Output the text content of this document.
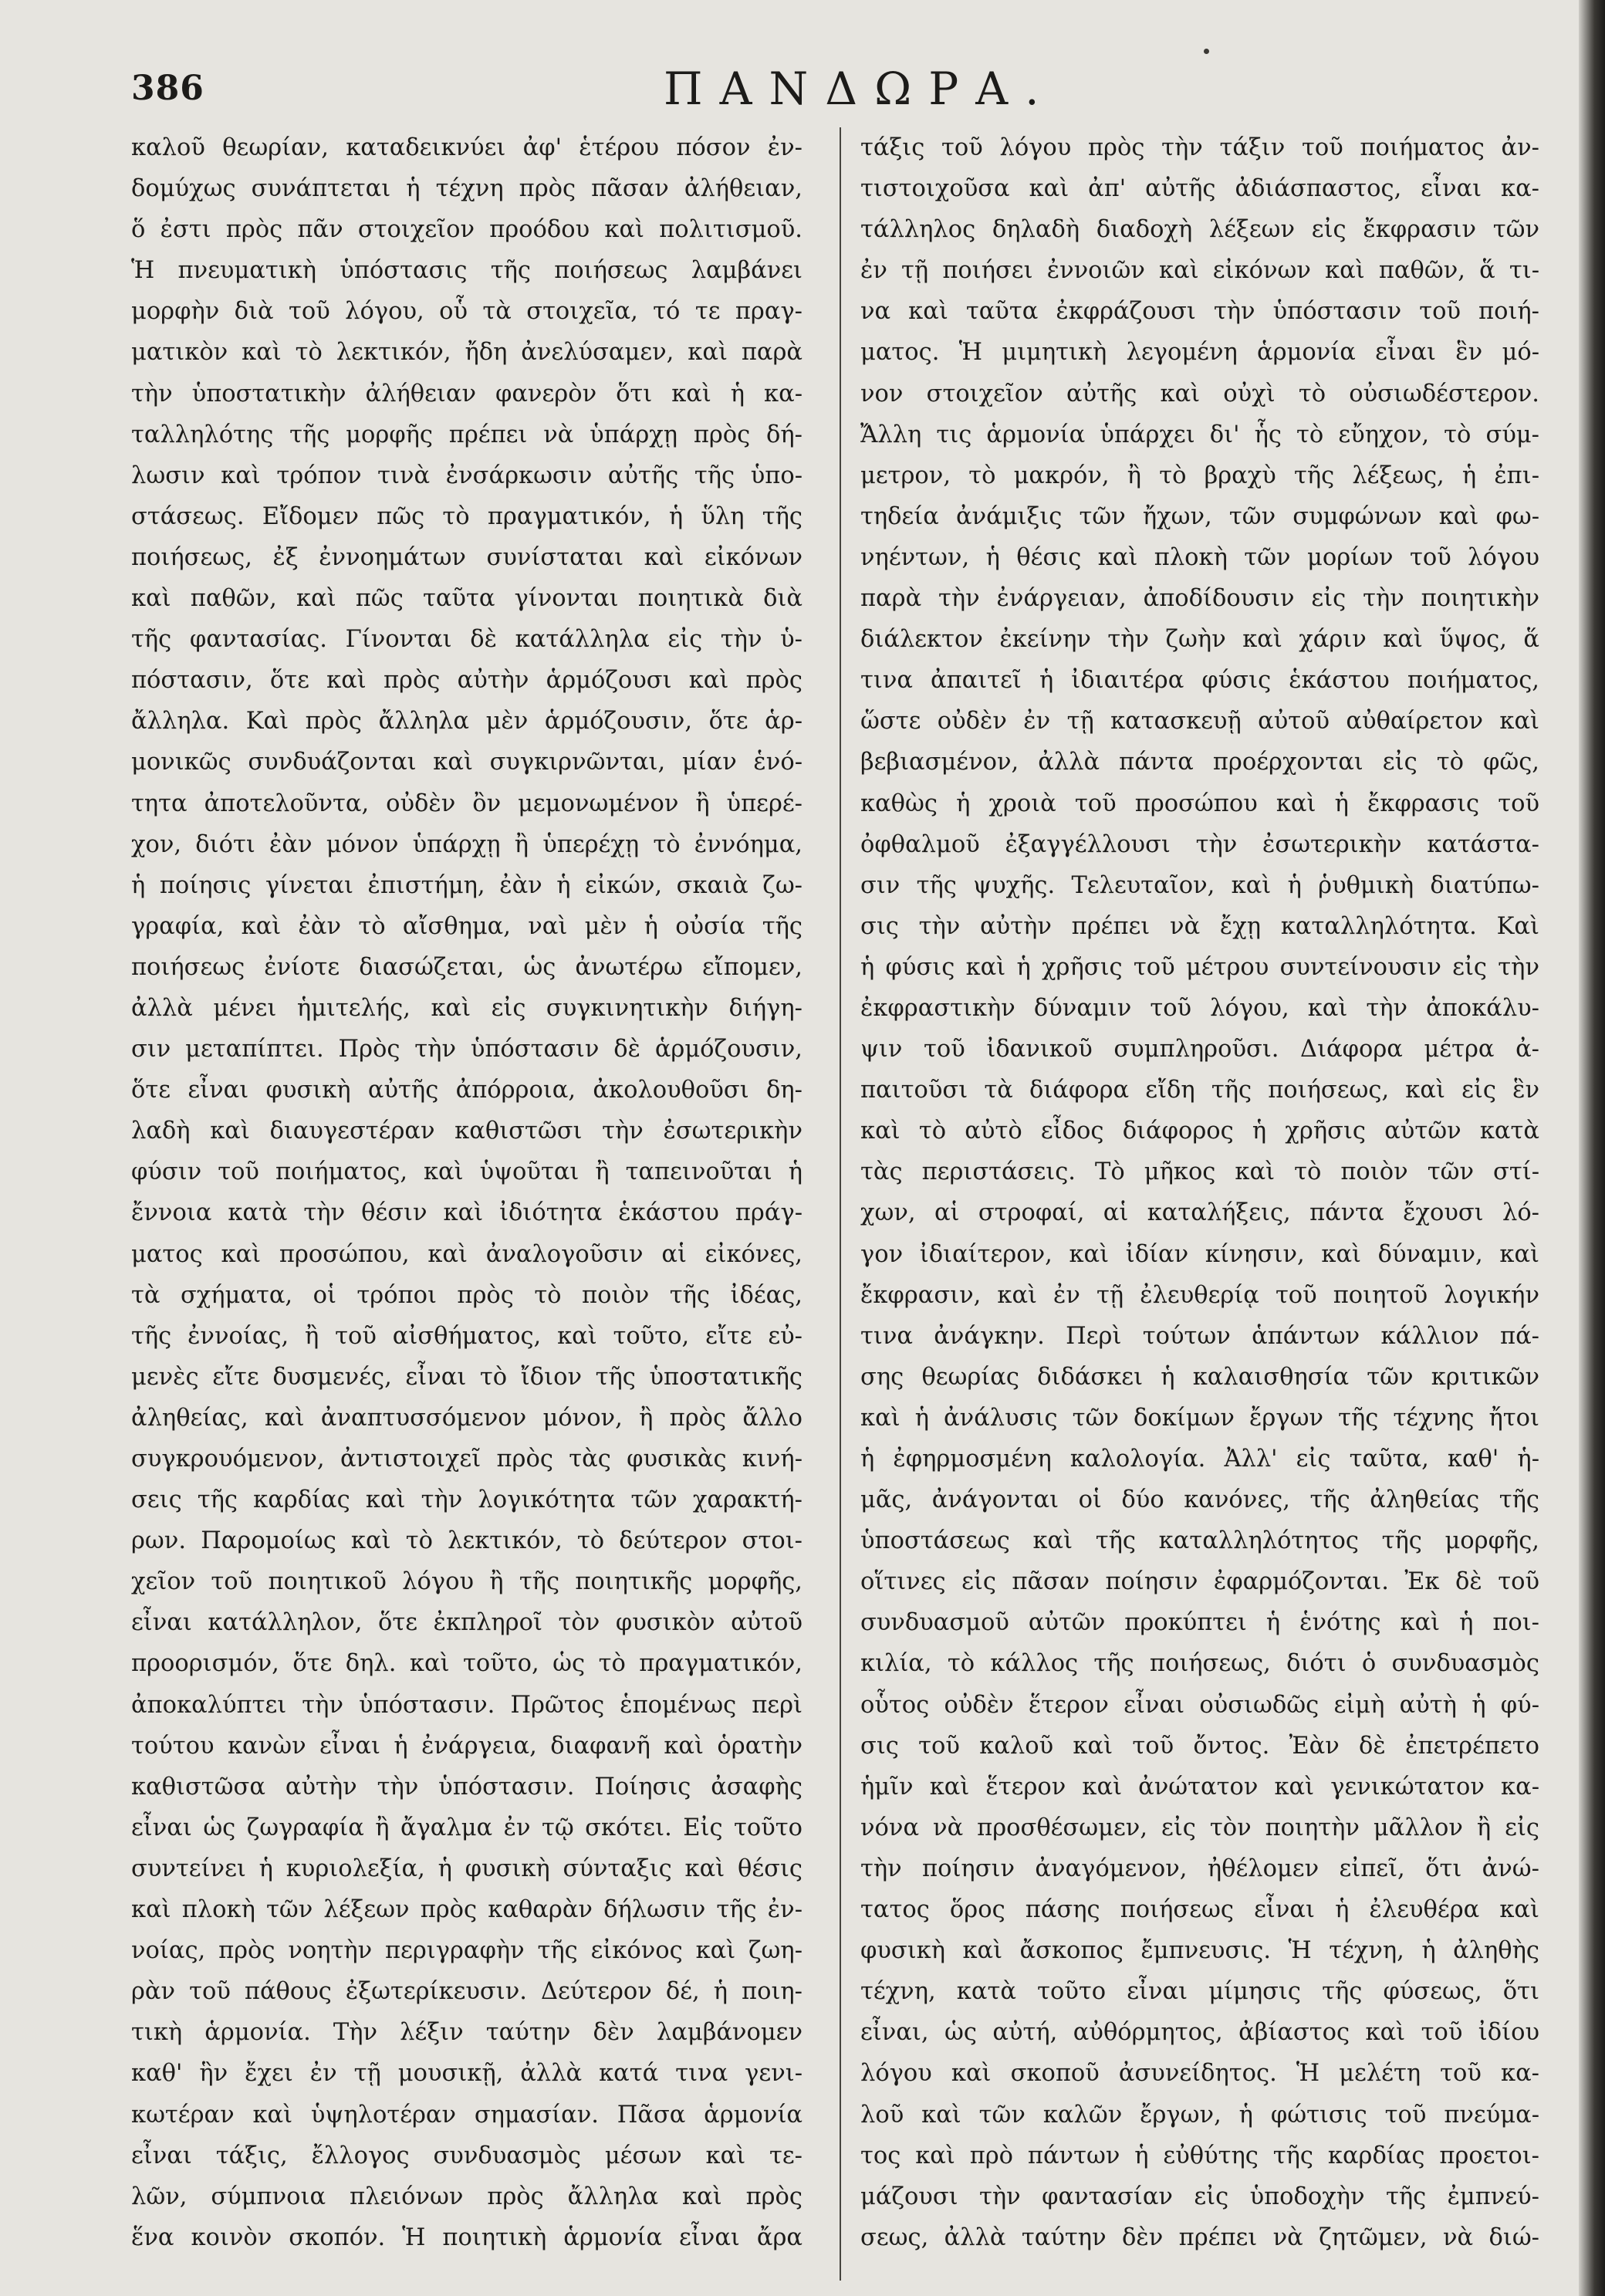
386	ΠΑΝΔΩΡΑ.
καλοῦ θεωρίαν, καταδεικνύει ἀφ' ἑτέρου πόσον ἐν-
δομύχως συνάπτεται ἡ τέχνη πρὸς πᾶσαν ἀλήθειαν,
ὅ ἐστι πρὸς πᾶν στοιχεῖον προόδου καὶ πολιτισμοῦ.
Ἡ πνευματικὴ ὑπόστασις τῆς ποιήσεως λαμβάνει
μορφὴν διὰ τοῦ λόγου, οὗ τὰ στοιχεῖα, τό τε πραγ-
ματικὸν καὶ τὸ λεκτικόν, ἤδη ἀνελύσαμεν, καὶ παρὰ
τὴν ὑποστατικὴν ἀλήθειαν φανερὸν ὅτι καὶ ἡ κα-
ταλληλότης τῆς μορφῆς πρέπει νὰ ὑπάρχῃ πρὸς δή-
λωσιν καὶ τρόπον τινὰ ἐνσάρκωσιν αὐτῆς τῆς ὑπο-
στάσεως. Εἴδομεν πῶς τὸ πραγματικόν, ἡ ὕλη τῆς
ποιήσεως, ἐξ ἐννοημάτων συνίσταται καὶ εἰκόνων
καὶ παθῶν, καὶ πῶς ταῦτα γίνονται ποιητικὰ διὰ
τῆς φαντασίας. Γίνονται δὲ κατάλληλα εἰς τὴν ὑ-
πόστασιν, ὅτε καὶ πρὸς αὐτὴν ἁρμόζουσι καὶ πρὸς
ἄλληλα. Καὶ πρὸς ἄλληλα μὲν ἁρμόζουσιν, ὅτε ἁρ-
μονικῶς συνδυάζονται καὶ συγκιρνῶνται, μίαν ἑνό-
τητα ἀποτελοῦντα, οὐδὲν ὂν μεμονωμένον ἢ ὑπερέ-
χον, διότι ἐὰν μόνον ὑπάρχῃ ἢ ὑπερέχῃ τὸ ἐννόημα,
ἡ ποίησις γίνεται ἐπιστήμη, ἐὰν ἡ εἰκών, σκαιὰ ζω-
γραφία, καὶ ἐὰν τὸ αἴσθημα, ναὶ μὲν ἡ οὐσία τῆς
ποιήσεως ἐνίοτε διασώζεται, ὡς ἀνωτέρω εἴπομεν,
ἀλλὰ μένει ἡμιτελής, καὶ εἰς συγκινητικὴν διήγη-
σιν μεταπίπτει. Πρὸς τὴν ὑπόστασιν δὲ ἁρμόζουσιν,
ὅτε εἶναι φυσικὴ αὐτῆς ἀπόρροια, ἀκολουθοῦσι δη-
λαδὴ καὶ διαυγεστέραν καθιστῶσι τὴν ἐσωτερικὴν
φύσιν τοῦ ποιήματος, καὶ ὑψοῦται ἢ ταπεινοῦται ἡ
ἔννοια κατὰ τὴν θέσιν καὶ ἰδιότητα ἑκάστου πράγ-
ματος καὶ προσώπου, καὶ ἀναλογοῦσιν αἱ εἰκόνες,
τὰ σχήματα, οἱ τρόποι πρὸς τὸ ποιὸν τῆς ἰδέας,
τῆς ἐννοίας, ἢ τοῦ αἰσθήματος, καὶ τοῦτο, εἴτε εὐ-
μενὲς εἴτε δυσμενές, εἶναι τὸ ἴδιον τῆς ὑποστατικῆς
ἀληθείας, καὶ ἀναπτυσσόμενον μόνον, ἢ πρὸς ἄλλο
συγκρουόμενον, ἀντιστοιχεῖ πρὸς τὰς φυσικὰς κινή-
σεις τῆς καρδίας καὶ τὴν λογικότητα τῶν χαρακτή-
ρων. Παρομοίως καὶ τὸ λεκτικόν, τὸ δεύτερον στοι-
χεῖον τοῦ ποιητικοῦ λόγου ἢ τῆς ποιητικῆς μορφῆς,
εἶναι κατάλληλον, ὅτε ἐκπληροῖ τὸν φυσικὸν αὐτοῦ
προορισμόν, ὅτε δηλ. καὶ τοῦτο, ὡς τὸ πραγματικόν,
ἀποκαλύπτει τὴν ὑπόστασιν. Πρῶτος ἑπομένως περὶ
τούτου κανὼν εἶναι ἡ ἐνάργεια, διαφανῆ καὶ ὁρατὴν
καθιστῶσα αὐτὴν τὴν ὑπόστασιν. Ποίησις ἀσαφὴς
εἶναι ὡς ζωγραφία ἢ ἄγαλμα ἐν τῷ σκότει. Εἰς τοῦτο
συντείνει ἡ κυριολεξία, ἡ φυσικὴ σύνταξις καὶ θέσις
καὶ πλοκὴ τῶν λέξεων πρὸς καθαρὰν δήλωσιν τῆς ἐν-
νοίας, πρὸς νοητὴν περιγραφὴν τῆς εἰκόνος καὶ ζωη-
ρὰν τοῦ πάθους ἐξωτερίκευσιν. Δεύτερον δέ, ἡ ποιη-
τικὴ ἁρμονία. Τὴν λέξιν ταύτην δὲν λαμβάνομεν
καθ' ἣν ἔχει ἐν τῇ μουσικῇ, ἀλλὰ κατά τινα γενι-
κωτέραν καὶ ὑψηλοτέραν σημασίαν. Πᾶσα ἁρμονία
εἶναι τάξις, ἔλλογος συνδυασμὸς μέσων καὶ τε-
λῶν, σύμπνοια πλειόνων πρὸς ἄλληλα καὶ πρὸς
ἕνα κοινὸν σκοπόν. Ἡ ποιητικὴ ἁρμονία εἶναι ἄρα
τάξις τοῦ λόγου πρὸς τὴν τάξιν τοῦ ποιήματος ἀν-
τιστοιχοῦσα καὶ ἀπ' αὐτῆς ἀδιάσπαστος, εἶναι κα-
τάλληλος δηλαδὴ διαδοχὴ λέξεων εἰς ἔκφρασιν τῶν
ἐν τῇ ποιήσει ἐννοιῶν καὶ εἰκόνων καὶ παθῶν, ἅ τι-
να καὶ ταῦτα ἐκφράζουσι τὴν ὑπόστασιν τοῦ ποιή-
ματος. Ἡ μιμητικὴ λεγομένη ἁρμονία εἶναι ἓν μό-
νον στοιχεῖον αὐτῆς καὶ οὐχὶ τὸ οὐσιωδέστερον.
Ἄλλη τις ἁρμονία ὑπάρχει δι' ἧς τὸ εὔηχον, τὸ σύμ-
μετρον, τὸ μακρόν, ἢ τὸ βραχὺ τῆς λέξεως, ἡ ἐπι-
τηδεία ἀνάμιξις τῶν ἤχων, τῶν συμφώνων καὶ φω-
νηέντων, ἡ θέσις καὶ πλοκὴ τῶν μορίων τοῦ λόγου
παρὰ τὴν ἐνάργειαν, ἀποδίδουσιν εἰς τὴν ποιητικὴν
διάλεκτον ἐκείνην τὴν ζωὴν καὶ χάριν καὶ ὕψος, ἅ
τινα ἀπαιτεῖ ἡ ἰδιαιτέρα φύσις ἑκάστου ποιήματος,
ὥστε οὐδὲν ἐν τῇ κατασκευῇ αὐτοῦ αὐθαίρετον καὶ
βεβιασμένον, ἀλλὰ πάντα προέρχονται εἰς τὸ φῶς,
καθὼς ἡ χροιὰ τοῦ προσώπου καὶ ἡ ἔκφρασις τοῦ
ὀφθαλμοῦ ἐξαγγέλλουσι τὴν ἐσωτερικὴν κατάστα-
σιν τῆς ψυχῆς. Τελευταῖον, καὶ ἡ ῥυθμικὴ διατύπω-
σις τὴν αὐτὴν πρέπει νὰ ἔχῃ καταλληλότητα. Καὶ
ἡ φύσις καὶ ἡ χρῆσις τοῦ μέτρου συντείνουσιν εἰς τὴν
ἐκφραστικὴν δύναμιν τοῦ λόγου, καὶ τὴν ἀποκάλυ-
ψιν τοῦ ἰδανικοῦ συμπληροῦσι. Διάφορα μέτρα ἀ-
παιτοῦσι τὰ διάφορα εἴδη τῆς ποιήσεως, καὶ εἰς ἓν
καὶ τὸ αὐτὸ εἶδος διάφορος ἡ χρῆσις αὐτῶν κατὰ
τὰς περιστάσεις. Τὸ μῆκος καὶ τὸ ποιὸν τῶν στί-
χων, αἱ στροφαί, αἱ καταλήξεις, πάντα ἔχουσι λό-
γον ἰδιαίτερον, καὶ ἰδίαν κίνησιν, καὶ δύναμιν, καὶ
ἔκφρασιν, καὶ ἐν τῇ ἐλευθερίᾳ τοῦ ποιητοῦ λογικήν
τινα ἀνάγκην. Περὶ τούτων ἁπάντων κάλλιον πά-
σης θεωρίας διδάσκει ἡ καλαισθησία τῶν κριτικῶν
καὶ ἡ ἀνάλυσις τῶν δοκίμων ἔργων τῆς τέχνης ἤτοι
ἡ ἐφηρμοσμένη καλολογία. Ἀλλ' εἰς ταῦτα, καθ' ἡ-
μᾶς, ἀνάγονται οἱ δύο κανόνες, τῆς ἀληθείας τῆς
ὑποστάσεως καὶ τῆς καταλληλότητος τῆς μορφῆς,
οἵτινες εἰς πᾶσαν ποίησιν ἐφαρμόζονται. Ἐκ δὲ τοῦ
συνδυασμοῦ αὐτῶν προκύπτει ἡ ἑνότης καὶ ἡ ποι-
κιλία, τὸ κάλλος τῆς ποιήσεως, διότι ὁ συνδυασμὸς
οὗτος οὐδὲν ἕτερον εἶναι οὐσιωδῶς εἰμὴ αὐτὴ ἡ φύ-
σις τοῦ καλοῦ καὶ τοῦ ὄντος. Ἐὰν δὲ ἐπετρέπετο
ἡμῖν καὶ ἕτερον καὶ ἀνώτατον καὶ γενικώτατον κα-
νόνα νὰ προσθέσωμεν, εἰς τὸν ποιητὴν μᾶλλον ἢ εἰς
τὴν ποίησιν ἀναγόμενον, ἠθέλομεν εἰπεῖ, ὅτι ἀνώ-
τατος ὅρος πάσης ποιήσεως εἶναι ἡ ἐλευθέρα καὶ
φυσικὴ καὶ ἄσκοπος ἔμπνευσις. Ἡ τέχνη, ἡ ἀληθὴς
τέχνη, κατὰ τοῦτο εἶναι μίμησις τῆς φύσεως, ὅτι
εἶναι, ὡς αὐτή, αὐθόρμητος, ἀβίαστος καὶ τοῦ ἰδίου
λόγου καὶ σκοποῦ ἀσυνείδητος. Ἡ μελέτη τοῦ κα-
λοῦ καὶ τῶν καλῶν ἔργων, ἡ φώτισις τοῦ πνεύμα-
τος καὶ πρὸ πάντων ἡ εὐθύτης τῆς καρδίας προετοι-
μάζουσι τὴν φαντασίαν εἰς ὑποδοχὴν τῆς ἐμπνεύ-
σεως, ἀλλὰ ταύτην δὲν πρέπει νὰ ζητῶμεν, νὰ διώ-
